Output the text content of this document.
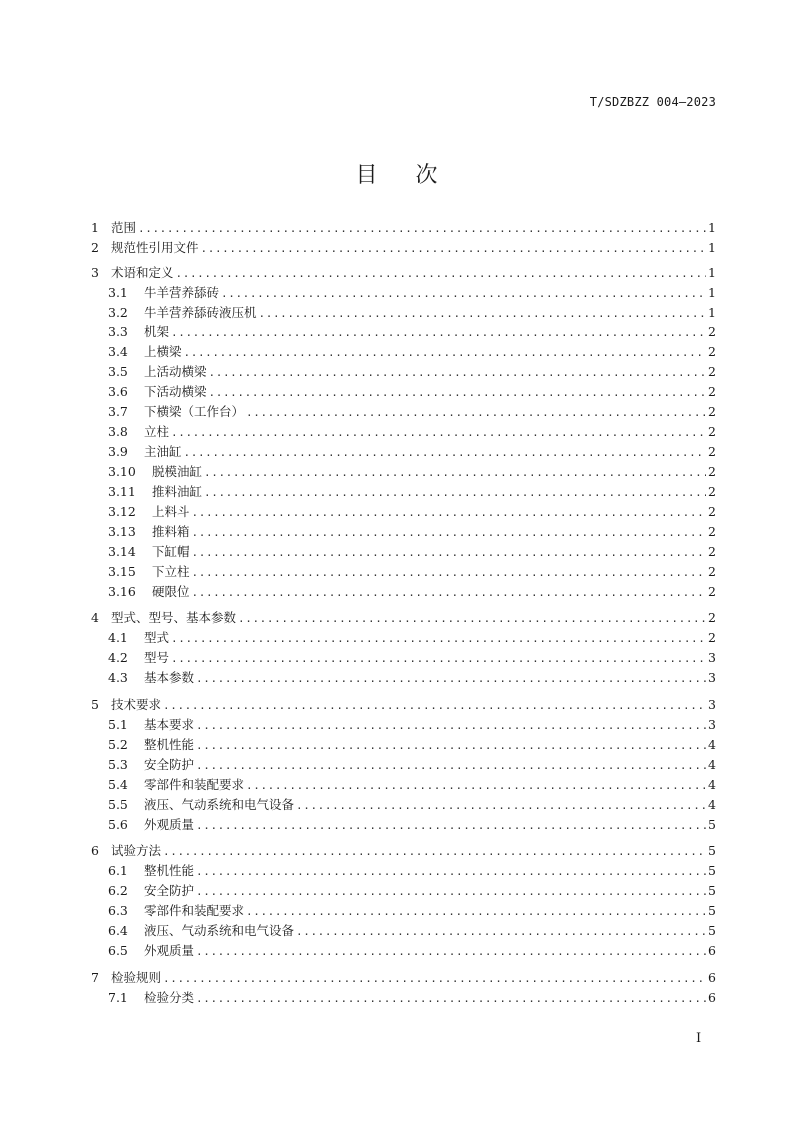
T/SDZBZZ 004—2023
目次
1 范围 .....	1
2 规范性引用文件 .....	1
3 术语和定义 .....	1
3.1	牛羊营养舔砖 .....	1
3.2	牛羊营养舔砖液压机 .....	1
3.3	机架 .....	2
3.4	上横梁 .....	2
3.5	上活动横梁 .....	2
3.6	下活动横梁 .....	2
3.7	下横梁（工作台） .....	2
3.8	立柱 .....	2
3.9	主油缸 .....	2
3.10	脱模油缸 .....	2
3.11	推料油缸 .....	2
3.12	上料斗 .....	2
3.13	推料箱 .....	2
3.14	下缸帽 .....	2
3.15	下立柱 .....	2
3.16	硬限位 .....	2
4 型式、型号、基本参数 .....	2
4.1	型式 .....	2
4.2	型号 .....	3
4.3	基本参数 .....	3
5 技术要求 .....	3
5.1	基本要求 .....	3
5.2	整机性能 .....	4
5.3	安全防护 .....	4
5.4	零部件和装配要求 .....	4
5.5	液压、气动系统和电气设备 .....	4
5.6	外观质量 .....	5
6 试验方法 .....	5
6.1	整机性能 .....	5
6.2	安全防护 .....	5
6.3	零部件和装配要求 .....	5
6.4	液压、气动系统和电气设备 .....	5
6.5	外观质量 .....	6
7 检验规则 .....	6
7.1	检验分类 .....	6
I
